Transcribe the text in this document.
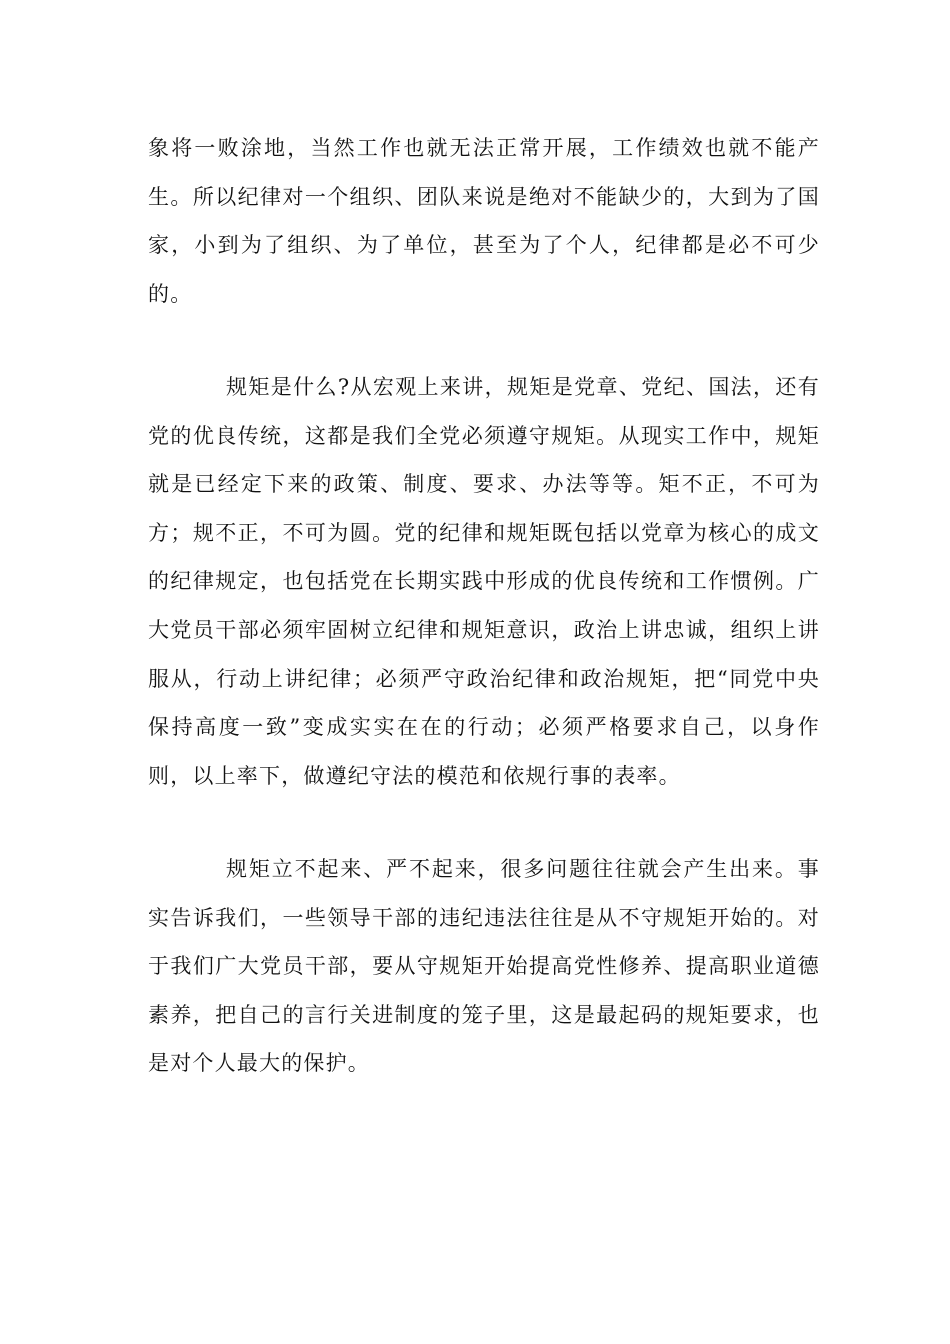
象将一败涂地，当然工作也就无法正常开展，工作绩效也就不能产生。所以纪律对一个组织、团队来说是绝对不能缺少的，大到为了国家，小到为了组织、为了单位，甚至为了个人，纪律都是必不可少的。

规矩是什么?从宏观上来讲，规矩是党章、党纪、国法，还有党的优良传统，这都是我们全党必须遵守规矩。从现实工作中，规矩就是已经定下来的政策、制度、要求、办法等等。矩不正，不可为方；规不正，不可为圆。党的纪律和规矩既包括以党章为核心的成文的纪律规定，也包括党在长期实践中形成的优良传统和工作惯例。广大党员干部必须牢固树立纪律和规矩意识，政治上讲忠诚，组织上讲服从，行动上讲纪律；必须严守政治纪律和政治规矩，把“同党中央保持高度一致”变成实实在在的行动；必须严格要求自己，以身作则，以上率下，做遵纪守法的模范和依规行事的表率。

规矩立不起来、严不起来，很多问题往往就会产生出来。事实告诉我们，一些领导干部的违纪违法往往是从不守规矩开始的。对于我们广大党员干部，要从守规矩开始提高党性修养、提高职业道德素养，把自己的言行关进制度的笼子里，这是最起码的规矩要求，也是对个人最大的保护。
